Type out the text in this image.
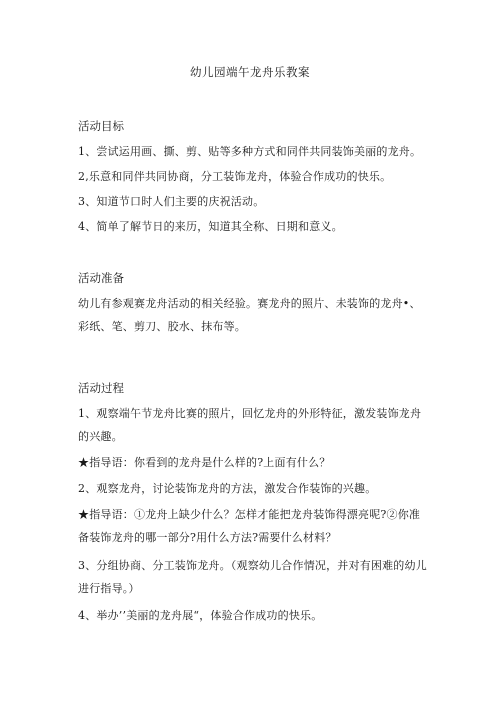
幼儿园端午龙舟乐教案
活动目标
1、尝试运用画、撕、剪、贴等多种方式和同伴共同装饰美丽的龙舟。
2,乐意和同伴共同协商，分工装饰龙舟，体验合作成功的快乐。
3、知道节口时人们主要的庆祝活动。
4、简单了解节日的来历，知道其全称、日期和意义。
活动准备
幼儿有参观赛龙舟活动的相关经验。赛龙舟的照片、未装饰的龙舟•、彩纸、笔、剪刀、胶水、抹布等。
活动过程
1、观察端午节龙舟比赛的照片，回忆龙舟的外形特征，激发装饰龙舟的兴趣。
★指导语：你看到的龙舟是什么样的?上面有什么？
2、观察龙舟，讨论装饰龙舟的方法，激发合作装饰的兴趣。
★指导语：①龙舟上缺少什么？怎样才能把龙舟装饰得漂亮呢?②你准备装饰龙舟的哪一部分?用什么方法?需要什么材料？
3、分组协商、分工装饰龙舟。（观察幼儿合作情况，并对有困难的幼儿进行指导。）
4、举办’’美丽的龙舟展“，体验合作成功的快乐。
